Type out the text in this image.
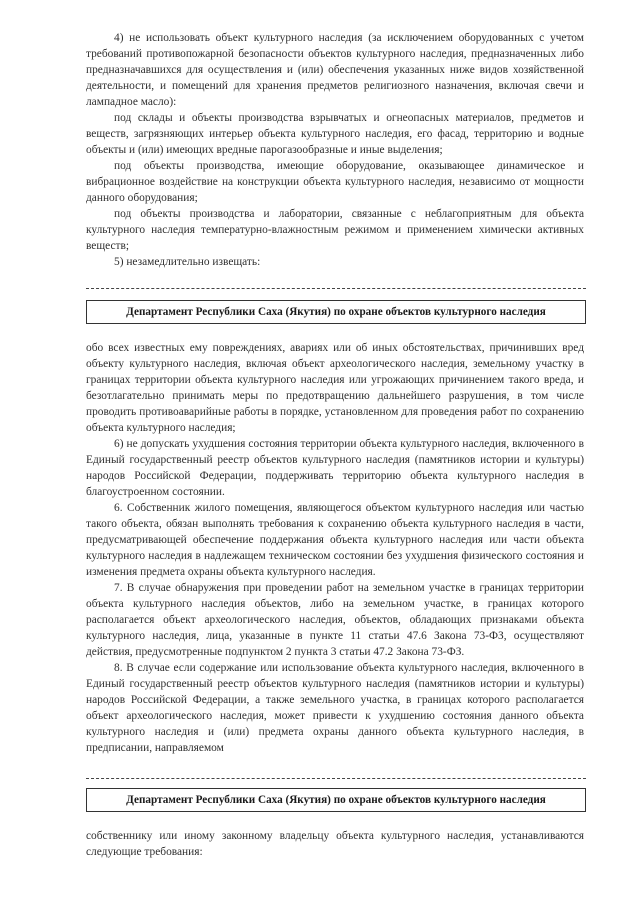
4) не использовать объект культурного наследия (за исключением оборудованных с учетом требований противопожарной безопасности объектов культурного наследия, предназначенных либо предназначавшихся для осуществления и (или) обеспечения указанных ниже видов хозяйственной деятельности, и помещений для хранения предметов религиозного назначения, включая свечи и лампадное масло):

под склады и объекты производства взрывчатых и огнеопасных материалов, предметов и веществ, загрязняющих интерьер объекта культурного наследия, его фасад, территорию и водные объекты и (или) имеющих вредные парогазообразные и иные выделения;

под объекты производства, имеющие оборудование, оказывающее динамическое и вибрационное воздействие на конструкции объекта культурного наследия, независимо от мощности данного оборудования;

под объекты производства и лаборатории, связанные с неблагоприятным для объекта культурного наследия температурно-влажностным режимом и применением химически активных веществ;

5) незамедлительно извещать:

Департамент Республики Саха (Якутия) по охране объектов культурного наследия

обо всех известных ему повреждениях, авариях или об иных обстоятельствах, причинивших вред объекту культурного наследия, включая объект археологического наследия, земельному участку в границах территории объекта культурного наследия или угрожающих причинением такого вреда, и безотлагательно принимать меры по предотвращению дальнейшего разрушения, в том числе проводить противоаварийные работы в порядке, установленном для проведения работ по сохранению объекта культурного наследия;

6) не допускать ухудшения состояния территории объекта культурного наследия, включенного в Единый государственный реестр объектов культурного наследия (памятников истории и культуры) народов Российской Федерации, поддерживать территорию объекта культурного наследия в благоустроенном состоянии.

6. Собственник жилого помещения, являющегося объектом культурного наследия или частью такого объекта, обязан выполнять требования к сохранению объекта культурного наследия в части, предусматривающей обеспечение поддержания объекта культурного наследия или части объекта культурного наследия в надлежащем техническом состоянии без ухудшения физического состояния и изменения предмета охраны объекта культурного наследия.

7. В случае обнаружения при проведении работ на земельном участке в границах территории объекта культурного наследия объектов, либо на земельном участке, в границах которого располагается объект археологического наследия, объектов, обладающих признаками объекта культурного наследия, лица, указанные в пункте 11 статьи 47.6 Закона 73-ФЗ, осуществляют действия, предусмотренные подпунктом 2 пункта 3 статьи 47.2 Закона 73-ФЗ.

8. В случае если содержание или использование объекта культурного наследия, включенного в Единый государственный реестр объектов культурного наследия (памятников истории и культуры) народов Российской Федерации, а также земельного участка, в границах которого располагается объект археологического наследия, может привести к ухудшению состояния данного объекта культурного наследия и (или) предмета охраны данного объекта культурного наследия, в предписании, направляемом

Департамент Республики Саха (Якутия) по охране объектов культурного наследия

собственнику или иному законному владельцу объекта культурного наследия, устанавливаются следующие требования:
